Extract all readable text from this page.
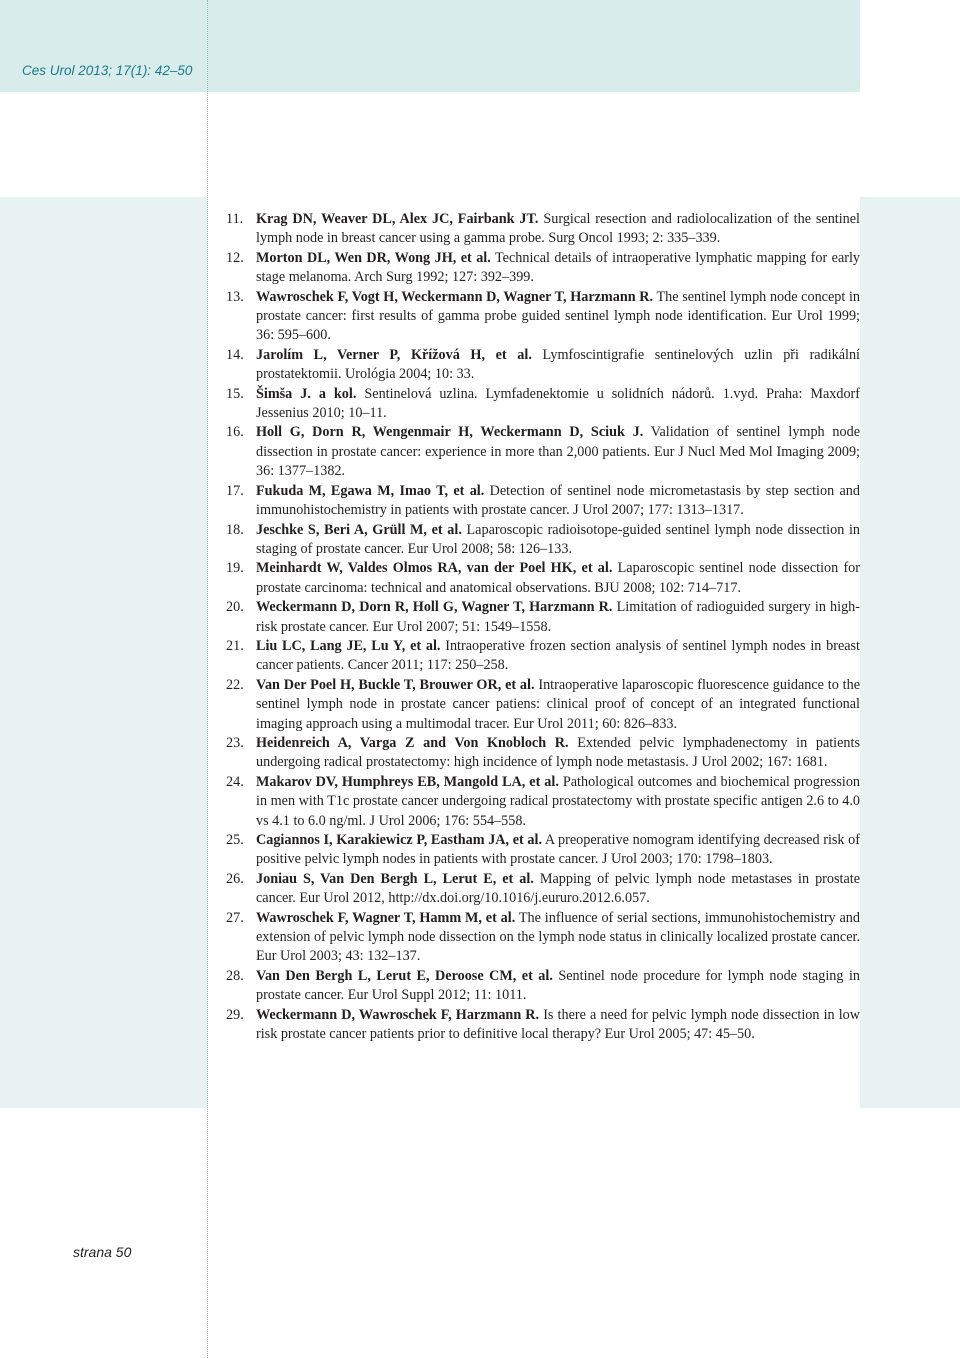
Ces Urol 2013; 17(1): 42–50
11. Krag DN, Weaver DL, Alex JC, Fairbank JT. Surgical resection and radiolocalization of the sentinel lymph node in breast cancer using a gamma probe. Surg Oncol 1993; 2: 335–339.
12. Morton DL, Wen DR, Wong JH, et al. Technical details of intraoperative lymphatic mapping for early stage melanoma. Arch Surg 1992; 127: 392–399.
13. Wawroschek F, Vogt H, Weckermann D, Wagner T, Harzmann R. The sentinel lymph node concept in prostate cancer: first results of gamma probe guided sentinel lymph node identification. Eur Urol 1999; 36: 595–600.
14. Jarolím L, Verner P, Křížová H, et al. Lymfoscintigrafie sentinelových uzlin při radikální prostatektomii. Urológia 2004; 10: 33.
15. Šimša J. a kol. Sentinelová uzlina. Lymfadenektomie u solidních nádorů. 1.vyd. Praha: Maxdorf Jessenius 2010; 10–11.
16. Holl G, Dorn R, Wengenmair H, Weckermann D, Sciuk J. Validation of sentinel lymph node dissection in prostate cancer: experience in more than 2,000 patients. Eur J Nucl Med Mol Imaging 2009; 36: 1377–1382.
17. Fukuda M, Egawa M, Imao T, et al. Detection of sentinel node micrometastasis by step section and immunohistochemistry in patients with prostate cancer. J Urol 2007; 177: 1313–1317.
18. Jeschke S, Beri A, Grüll M, et al. Laparoscopic radioisotope-guided sentinel lymph node dissection in staging of prostate cancer. Eur Urol 2008; 58: 126–133.
19. Meinhardt W, Valdes Olmos RA, van der Poel HK, et al. Laparoscopic sentinel node dissection for prostate carcinoma: technical and anatomical observations. BJU 2008; 102: 714–717.
20. Weckermann D, Dorn R, Holl G, Wagner T, Harzmann R. Limitation of radioguided surgery in high-risk prostate cancer. Eur Urol 2007; 51: 1549–1558.
21. Liu LC, Lang JE, Lu Y, et al. Intraoperative frozen section analysis of sentinel lymph nodes in breast cancer patients. Cancer 2011; 117: 250–258.
22. Van Der Poel H, Buckle T, Brouwer OR, et al. Intraoperative laparoscopic fluorescence guidance to the sentinel lymph node in prostate cancer patiens: clinical proof of concept of an integrated functional imaging approach using a multimodal tracer. Eur Urol 2011; 60: 826–833.
23. Heidenreich A, Varga Z and Von Knobloch R. Extended pelvic lymphadenectomy in patients undergoing radical prostatectomy: high incidence of lymph node metastasis. J Urol 2002; 167: 1681.
24. Makarov DV, Humphreys EB, Mangold LA, et al. Pathological outcomes and biochemical progression in men with T1c prostate cancer undergoing radical prostatectomy with prostate specific antigen 2.6 to 4.0 vs 4.1 to 6.0 ng/ml. J Urol 2006; 176: 554–558.
25. Cagiannos I, Karakiewicz P, Eastham JA, et al. A preoperative nomogram identifying decreased risk of positive pelvic lymph nodes in patients with prostate cancer. J Urol 2003; 170: 1798–1803.
26. Joniau S, Van Den Bergh L, Lerut E, et al. Mapping of pelvic lymph node metastases in prostate cancer. Eur Urol 2012, http://dx.doi.org/10.1016/j.eururo.2012.6.057.
27. Wawroschek F, Wagner T, Hamm M, et al. The influence of serial sections, immunohistochemistry and extension of pelvic lymph node dissection on the lymph node status in clinically localized prostate cancer. Eur Urol 2003; 43: 132–137.
28. Van Den Bergh L, Lerut E, Deroose CM, et al. Sentinel node procedure for lymph node staging in prostate cancer. Eur Urol Suppl 2012; 11: 1011.
29. Weckermann D, Wawroschek F, Harzmann R. Is there a need for pelvic lymph node dissection in low risk prostate cancer patients prior to definitive local therapy? Eur Urol 2005; 47: 45–50.
strana 50
